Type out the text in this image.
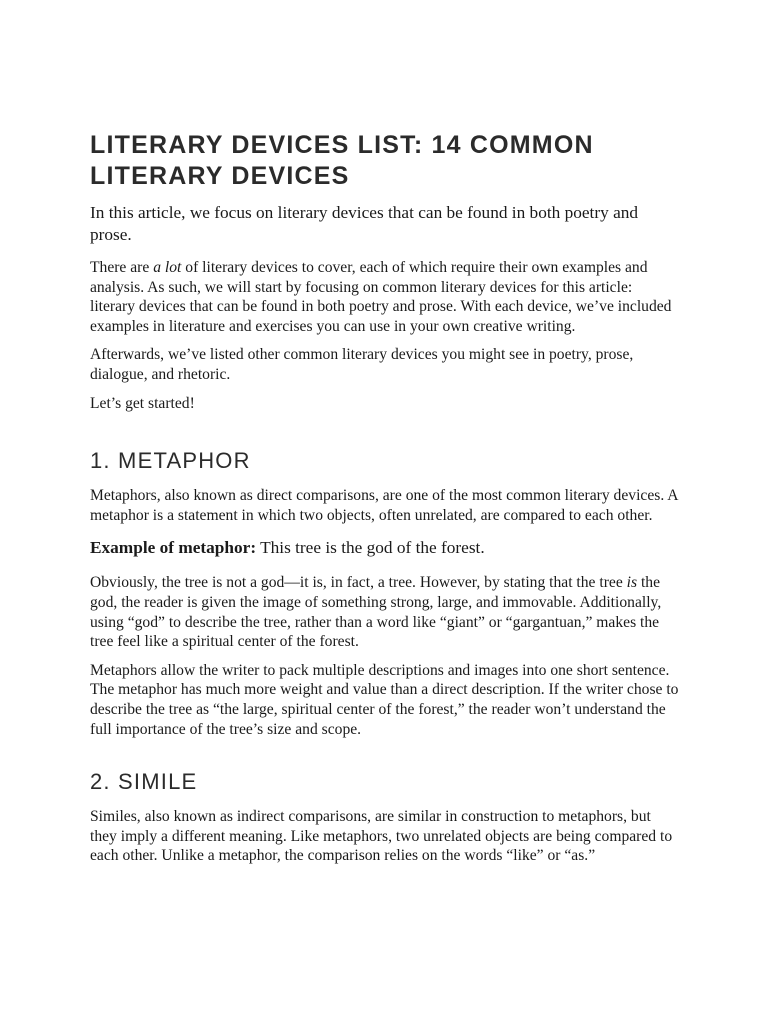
LITERARY DEVICES LIST: 14 COMMON LITERARY DEVICES

In this article, we focus on literary devices that can be found in both poetry and prose.

There are a lot of literary devices to cover, each of which require their own examples and analysis. As such, we will start by focusing on common literary devices for this article: literary devices that can be found in both poetry and prose. With each device, we’ve included examples in literature and exercises you can use in your own creative writing.

Afterwards, we’ve listed other common literary devices you might see in poetry, prose, dialogue, and rhetoric.

Let’s get started!

1. METAPHOR

Metaphors, also known as direct comparisons, are one of the most common literary devices. A metaphor is a statement in which two objects, often unrelated, are compared to each other.

Example of metaphor: This tree is the god of the forest.

Obviously, the tree is not a god—it is, in fact, a tree. However, by stating that the tree is the god, the reader is given the image of something strong, large, and immovable. Additionally, using “god” to describe the tree, rather than a word like “giant” or “gargantuan,” makes the tree feel like a spiritual center of the forest.

Metaphors allow the writer to pack multiple descriptions and images into one short sentence. The metaphor has much more weight and value than a direct description. If the writer chose to describe the tree as “the large, spiritual center of the forest,” the reader won’t understand the full importance of the tree’s size and scope.

2. SIMILE

Similes, also known as indirect comparisons, are similar in construction to metaphors, but they imply a different meaning. Like metaphors, two unrelated objects are being compared to each other. Unlike a metaphor, the comparison relies on the words “like” or “as.”
